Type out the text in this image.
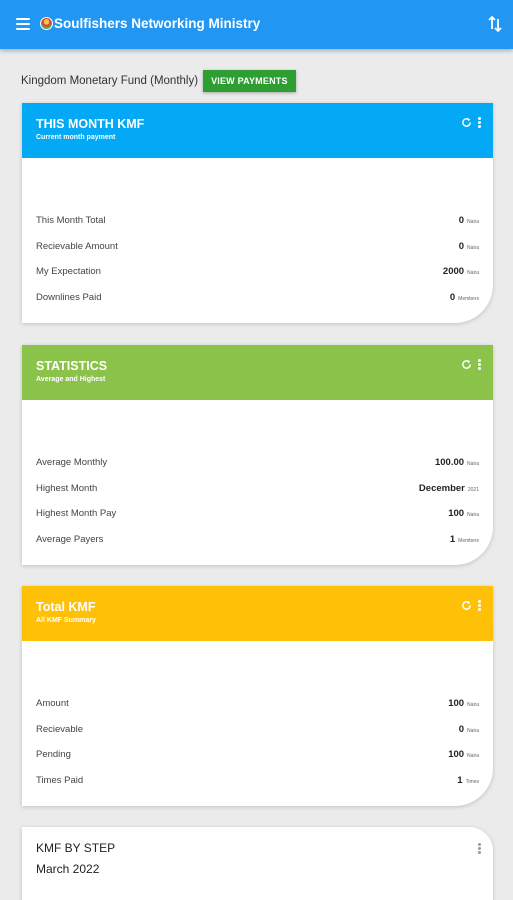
Soulfishers Networking Ministry
Kingdom Monetary Fund (Monthly)	VIEW PAYMENTS
THIS MONTH KMF
Current month payment
This Month Total	0 Naira
Recievable Amount	0 Naira
My Expectation	2000 Naira
Downlines Paid	0 Members
STATISTICS
Average and Highest
Average Monthly	100.00 Naira
Highest Month	December 2021
Highest Month Pay	100 Naira
Average Payers	1 Members
Total KMF
All KMF Summary
Amount	100 Naira
Recievable	0 Naira
Pending	100 Naira
Times Paid	1 Times
KMF BY STEP
March 2022
